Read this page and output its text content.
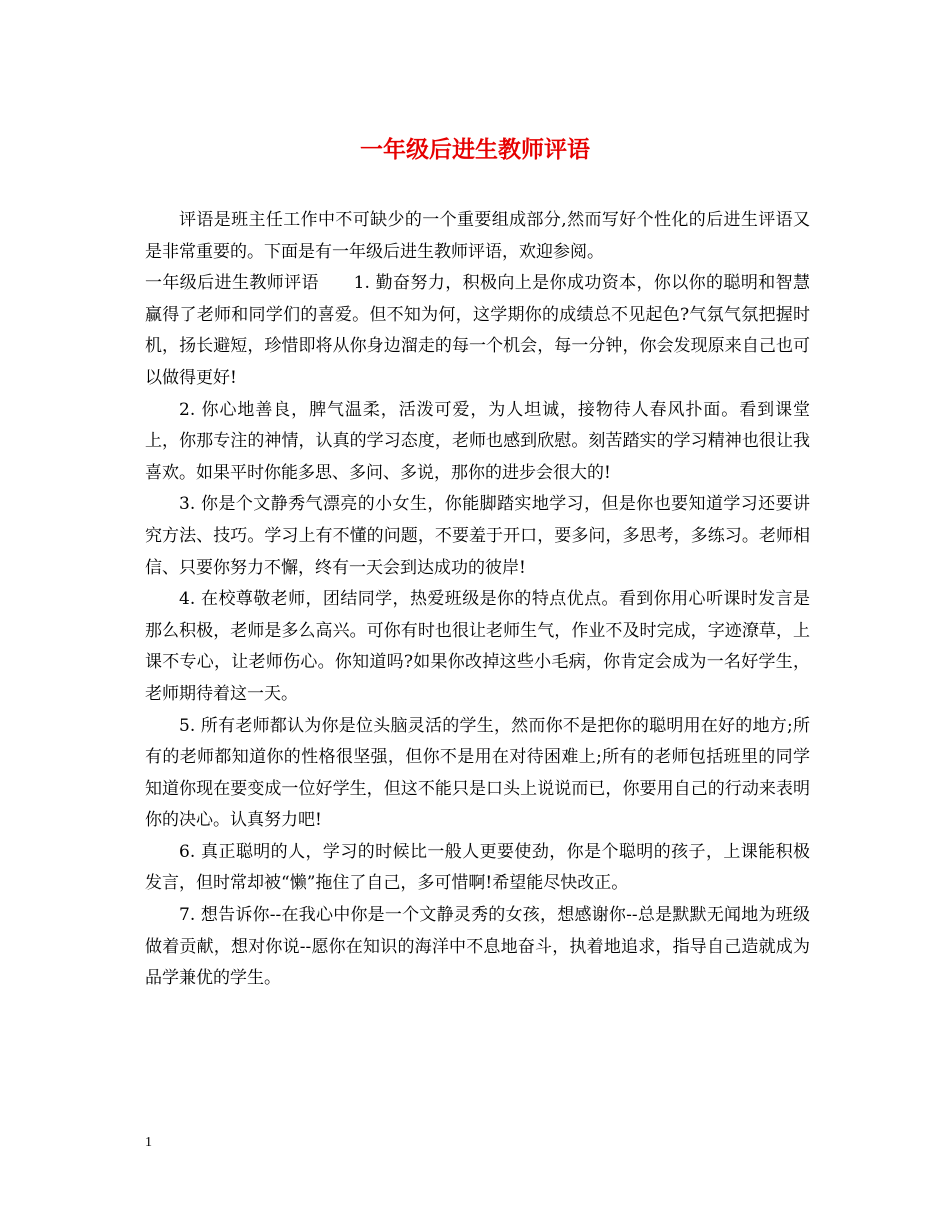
一年级后进生教师评语

评语是班主任工作中不可缺少的一个重要组成部分,然而写好个性化的后进生评语又是非常重要的。下面是有一年级后进生教师评语，欢迎参阅。

一年级后进生教师评语　　1. 勤奋努力，积极向上是你成功资本，你以你的聪明和智慧赢得了老师和同学们的喜爱。但不知为何，这学期你的成绩总不见起色?气氛气氛把握时机，扬长避短，珍惜即将从你身边溜走的每一个机会，每一分钟，你会发现原来自己也可以做得更好!

2. 你心地善良，脾气温柔，活泼可爱，为人坦诚，接物待人春风扑面。看到课堂上，你那专注的神情，认真的学习态度，老师也感到欣慰。刻苦踏实的学习精神也很让我喜欢。如果平时你能多思、多问、多说，那你的进步会很大的!

3. 你是个文静秀气漂亮的小女生，你能脚踏实地学习，但是你也要知道学习还要讲究方法、技巧。学习上有不懂的问题，不要羞于开口，要多问，多思考，多练习。老师相信、只要你努力不懈，终有一天会到达成功的彼岸!

4. 在校尊敬老师，团结同学，热爱班级是你的特点优点。看到你用心听课时发言是那么积极，老师是多么高兴。可你有时也很让老师生气，作业不及时完成，字迹潦草，上课不专心，让老师伤心。你知道吗?如果你改掉这些小毛病，你肯定会成为一名好学生，老师期待着这一天。

5. 所有老师都认为你是位头脑灵活的学生，然而你不是把你的聪明用在好的地方;所有的老师都知道你的性格很坚强，但你不是用在对待困难上;所有的老师包括班里的同学知道你现在要变成一位好学生，但这不能只是口头上说说而已，你要用自己的行动来表明你的决心。认真努力吧!

6. 真正聪明的人，学习的时候比一般人更要使劲，你是个聪明的孩子，上课能积极发言，但时常却被“懒”拖住了自己，多可惜啊!希望能尽快改正。

7. 想告诉你--在我心中你是一个文静灵秀的女孩，想感谢你--总是默默无闻地为班级做着贡献，想对你说--愿你在知识的海洋中不息地奋斗，执着地追求，指导自己造就成为品学兼优的学生。

1
